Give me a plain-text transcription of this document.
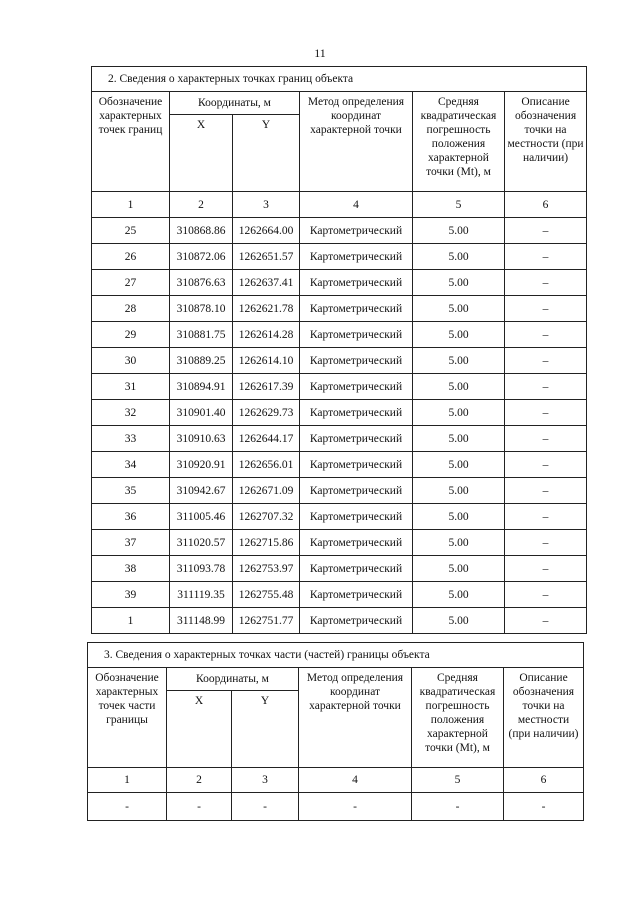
11
2. Сведения о характерных точках границ объекта					
Обозначение характерных точек границ	Координаты, м		Метод определения координат характерной точки	Средняя квадратическая погрешность положения характерной точки (Mt), м	Описание обозначения точки на местности (при наличии)
	X	Y			
1	2	3	4	5	6
25	310868.86	1262664.00	Картометрический	5.00	–
26	310872.06	1262651.57	Картометрический	5.00	–
27	310876.63	1262637.41	Картометрический	5.00	–
28	310878.10	1262621.78	Картометрический	5.00	–
29	310881.75	1262614.28	Картометрический	5.00	–
30	310889.25	1262614.10	Картометрический	5.00	–
31	310894.91	1262617.39	Картометрический	5.00	–
32	310901.40	1262629.73	Картометрический	5.00	–
33	310910.63	1262644.17	Картометрический	5.00	–
34	310920.91	1262656.01	Картометрический	5.00	–
35	310942.67	1262671.09	Картометрический	5.00	–
36	311005.46	1262707.32	Картометрический	5.00	–
37	311020.57	1262715.86	Картометрический	5.00	–
38	311093.78	1262753.97	Картометрический	5.00	–
39	311119.35	1262755.48	Картометрический	5.00	–
1	311148.99	1262751.77	Картометрический	5.00	–
3. Сведения о характерных точках части (частей) границы объекта					
Обозначение характерных точек части границы	Координаты, м		Метод определения координат характерной точки	Средняя квадратическая погрешность положения характерной точки (Mt), м	Описание обозначения точки на местности (при наличии)
	X	Y			
1	2	3	4	5	6
-	-	-	-	-	-
